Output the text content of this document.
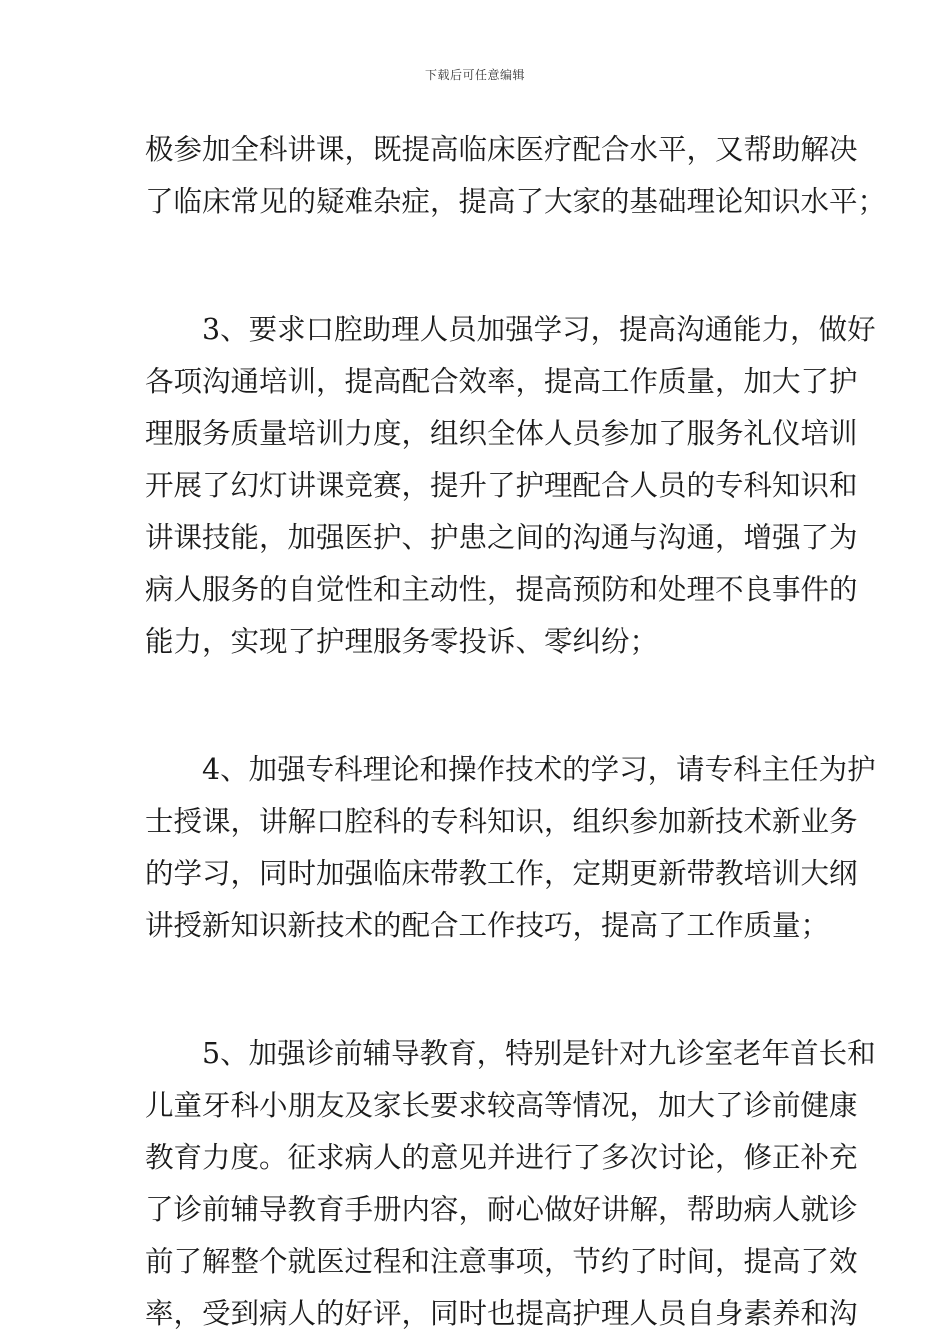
下载后可任意编辑
极参加全科讲课，既提高临床医疗配合水平，又帮助解决
了临床常见的疑难杂症，提高了大家的基础理论知识水平；
3、要求口腔助理人员加强学习，提高沟通能力，做好
各项沟通培训，提高配合效率，提高工作质量，加大了护
理服务质量培训力度，组织全体人员参加了服务礼仪培训
开展了幻灯讲课竞赛，提升了护理配合人员的专科知识和
讲课技能，加强医护、护患之间的沟通与沟通，增强了为
病人服务的自觉性和主动性，提高预防和处理不良事件的
能力，实现了护理服务零投诉、零纠纷；
4、加强专科理论和操作技术的学习，请专科主任为护
士授课，讲解口腔科的专科知识，组织参加新技术新业务
的学习，同时加强临床带教工作，定期更新带教培训大纲
讲授新知识新技术的配合工作技巧，提高了工作质量；
5、加强诊前辅导教育，特别是针对九诊室老年首长和
儿童牙科小朋友及家长要求较高等情况，加大了诊前健康
教育力度。征求病人的意见并进行了多次讨论，修正补充
了诊前辅导教育手册内容，耐心做好讲解，帮助病人就诊
前了解整个就医过程和注意事项，节约了时间，提高了效
率，受到病人的好评，同时也提高护理人员自身素养和沟
